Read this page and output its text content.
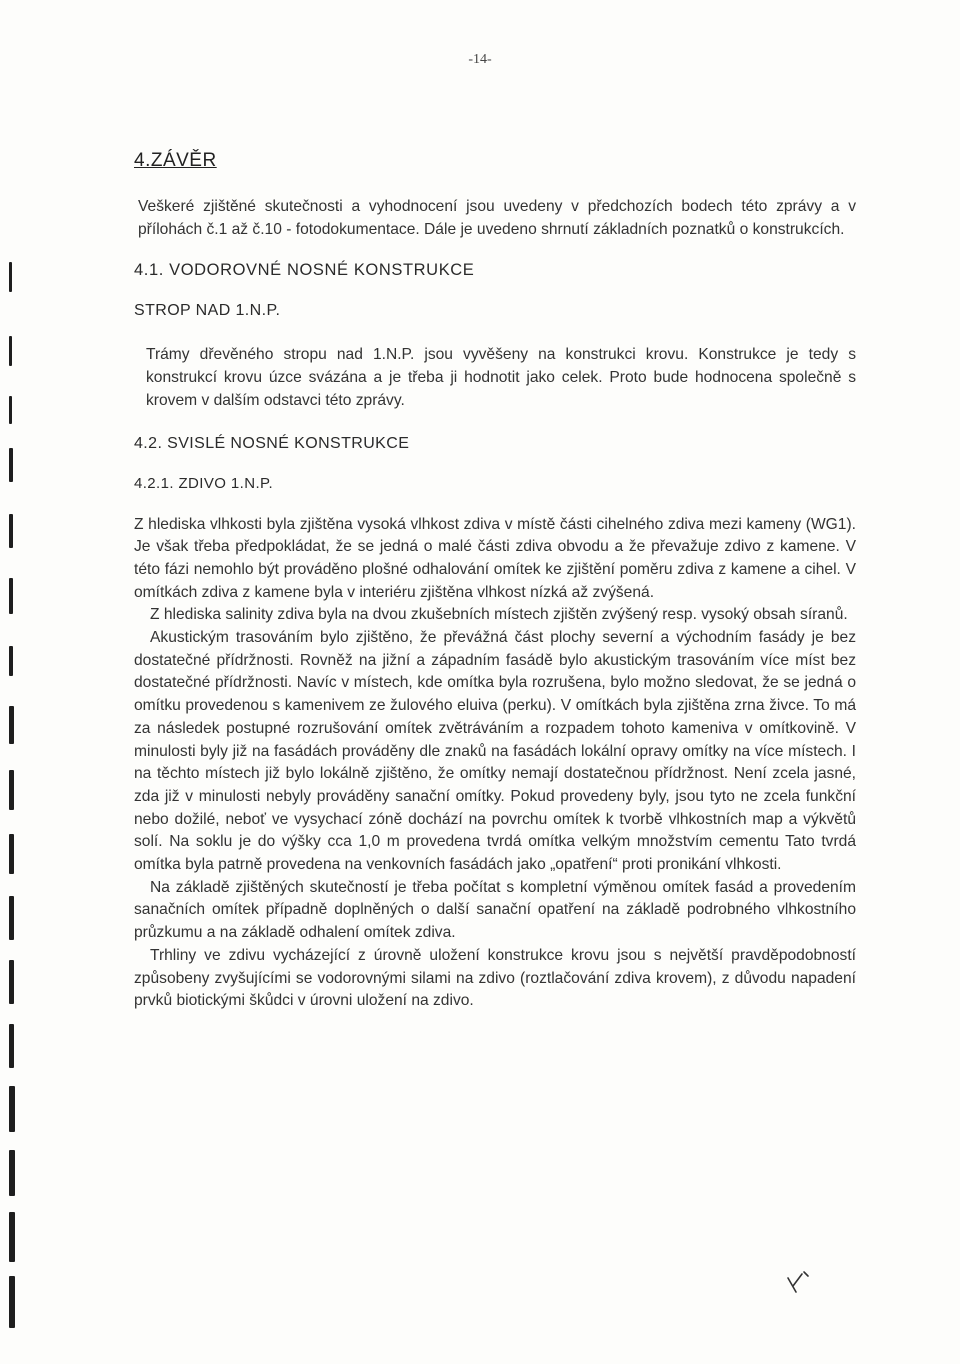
-14-
4.ZÁVĚR

Veškeré zjištěné skutečnosti a vyhodnocení jsou uvedeny v předchozích bodech této zprávy a v přílohách č.1 až č.10 - fotodokumentace. Dále je uvedeno shrnutí základních poznatků o konstrukcích.

4.1. VODOROVNÉ NOSNÉ KONSTRUKCE
STROP NAD 1.N.P.

Trámy dřevěného stropu nad 1.N.P. jsou vyvěšeny na konstrukci krovu. Konstrukce je tedy s konstrukcí krovu úzce svázána a je třeba ji hodnotit jako celek. Proto bude hodnocena společně s krovem v dalším odstavci této zprávy.

4.2. SVISLÉ NOSNÉ KONSTRUKCE
4.2.1. ZDIVO 1.N.P.

Z hlediska vlhkosti byla zjištěna vysoká vlhkost zdiva v místě části cihelného zdiva mezi kameny (WG1). Je však třeba předpokládat, že se jedná o malé části zdiva obvodu a že převažuje zdivo z kamene. V této fázi nemohlo být prováděno plošné odhalování omítek ke zjištění poměru zdiva z kamene a cihel. V omítkách zdiva z kamene byla v interiéru zjištěna vlhkost nízká až zvýšená.

Z hlediska salinity zdiva byla na dvou zkušebních místech zjištěn zvýšený resp. vysoký obsah síranů.

Akustickým trasováním bylo zjištěno, že převážná část plochy severní a východním fasády je bez dostatečné přídržnosti. Rovněž na jižní a západním fasádě bylo akustickým trasováním více míst bez dostatečné přídržnosti. Navíc v místech, kde omítka byla rozrušena, bylo možno sledovat, že se jedná o omítku provedenou s kamenivem ze žulového eluiva (perku). V omítkách byla zjištěna zrna živce. To má za následek postupné rozrušování omítek zvětráváním a rozpadem tohoto kameniva v omítkovině. V minulosti byly již na fasádách prováděny dle znaků na fasádách lokální opravy omítky na více místech. I na těchto místech již bylo lokálně zjištěno, že omítky nemají dostatečnou přídržnost. Není zcela jasné, zda již v minulosti nebyly prováděny sanační omítky. Pokud provedeny byly, jsou tyto ne zcela funkční nebo dožilé, neboť ve vysychací zóně dochází na povrchu omítek k tvorbě vlhkostních map a výkvětů solí. Na soklu je do výšky cca 1,0 m provedena tvrdá omítka velkým množstvím cementu Tato tvrdá omítka byla patrně provedena na venkovních fasádách jako „opatření“ proti pronikání vlhkosti.

Na základě zjištěných skutečností je třeba počítat s kompletní výměnou omítek fasád a provedením sanačních omítek případně doplněných o další sanační opatření na základě podrobného vlhkostního průzkumu a na základě odhalení omítek zdiva.

Trhliny ve zdivu vycházející z úrovně uložení konstrukce krovu jsou s největší pravděpodobností způsobeny zvyšujícími se vodorovnými silami na zdivo (roztlačování zdiva krovem), z důvodu napadení prvků biotickými škůdci v úrovni uložení na zdivo.
